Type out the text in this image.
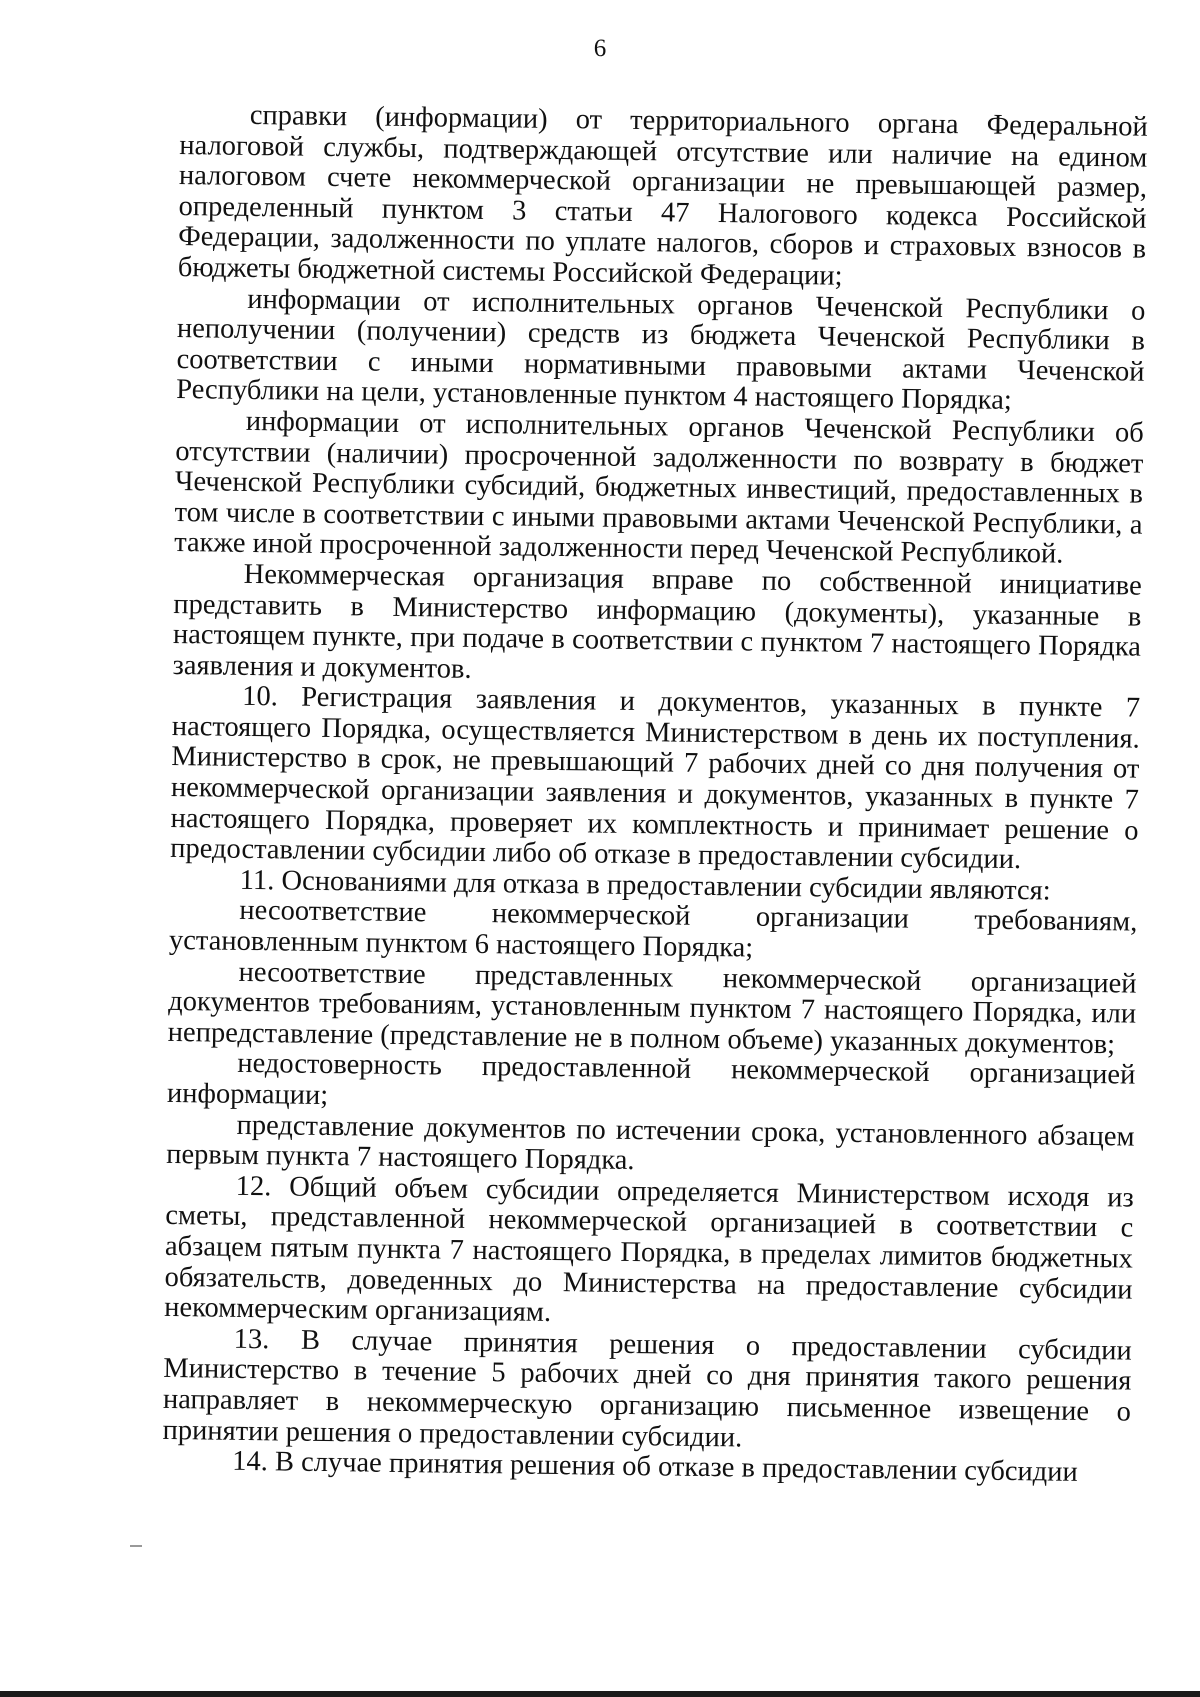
6

справки (информации) от территориального органа Федеральной налоговой службы, подтверждающей отсутствие или наличие на едином налоговом счете некоммерческой организации не превышающей размер, определенный пунктом 3 статьи 47 Налогового кодекса Российской Федерации, задолженности по уплате налогов, сборов и страховых взносов в бюджеты бюджетной системы Российской Федерации;

информации от исполнительных органов Чеченской Республики о неполучении (получении) средств из бюджета Чеченской Республики в соответствии с иными нормативными правовыми актами Чеченской Республики на цели, установленные пунктом 4 настоящего Порядка;

информации от исполнительных органов Чеченской Республики об отсутствии (наличии) просроченной задолженности по возврату в бюджет Чеченской Республики субсидий, бюджетных инвестиций, предоставленных в том числе в соответствии с иными правовыми актами Чеченской Республики, а также иной просроченной задолженности перед Чеченской Республикой.

Некоммерческая организация вправе по собственной инициативе представить в Министерство информацию (документы), указанные в настоящем пункте, при подаче в соответствии с пунктом 7 настоящего Порядка заявления и документов.

10. Регистрация заявления и документов, указанных в пункте 7 настоящего Порядка, осуществляется Министерством в день их поступления. Министерство в срок, не превышающий 7 рабочих дней со дня получения от некоммерческой организации заявления и документов, указанных в пункте 7 настоящего Порядка, проверяет их комплектность и принимает решение о предоставлении субсидии либо об отказе в предоставлении субсидии.

11. Основаниями для отказа в предоставлении субсидии являются:

несоответствие некоммерческой организации требованиям, установленным пунктом 6 настоящего Порядка;

несоответствие представленных некоммерческой организацией документов требованиям, установленным пунктом 7 настоящего Порядка, или непредставление (представление не в полном объеме) указанных документов;

недостоверность предоставленной некоммерческой организацией информации;

представление документов по истечении срока, установленного абзацем первым пункта 7 настоящего Порядка.

12. Общий объем субсидии определяется Министерством исходя из сметы, представленной некоммерческой организацией в соответствии с абзацем пятым пункта 7 настоящего Порядка, в пределах лимитов бюджетных обязательств, доведенных до Министерства на предоставление субсидии некоммерческим организациям.

13. В случае принятия решения о предоставлении субсидии Министерство в течение 5 рабочих дней со дня принятия такого решения направляет в некоммерческую организацию письменное извещение о принятии решения о предоставлении субсидии.

14. В случае принятия решения об отказе в предоставлении субсидии
